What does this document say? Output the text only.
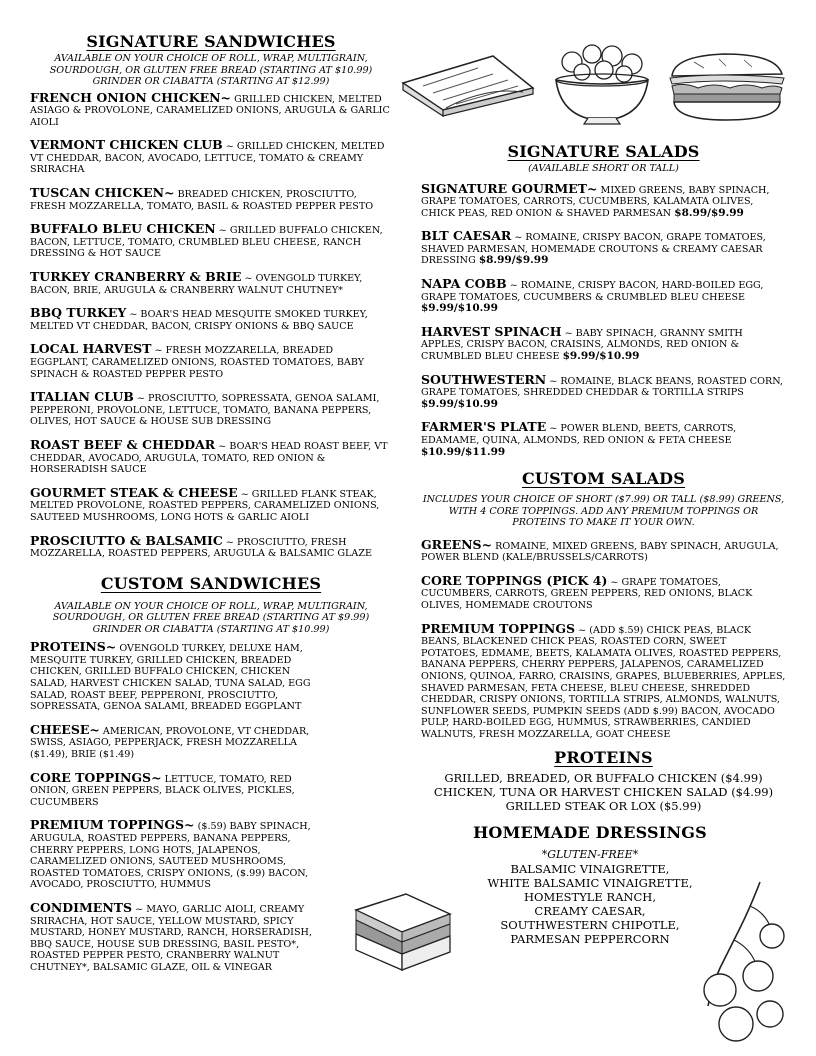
SIGNATURE SANDWICHES
AVAILABLE ON YOUR CHOICE OF ROLL, WRAP, MULTIGRAIN, SOURDOUGH, OR GLUTEN FREE BREAD (STARTING AT $10.99) GRINDER OR CIABATTA (STARTING AT $12.99)
FRENCH ONION CHICKEN~ GRILLED CHICKEN, MELTED ASIAGO & PROVOLONE, CARAMELIZED ONIONS, ARUGULA & GARLIC AIOLI
VERMONT CHICKEN CLUB ~ GRILLED CHICKEN, MELTED VT CHEDDAR, BACON, AVOCADO, LETTUCE, TOMATO & CREAMY SRIRACHA
TUSCAN CHICKEN~ BREADED CHICKEN, PROSCIUTTO, FRESH MOZZARELLA, TOMATO, BASIL & ROASTED PEPPER PESTO
BUFFALO BLEU CHICKEN ~ GRILLED BUFFALO CHICKEN, BACON, LETTUCE, TOMATO, CRUMBLED BLEU CHEESE, RANCH DRESSING & HOT SAUCE
TURKEY CRANBERRY & BRIE ~ OVENGOLD TURKEY, BACON, BRIE, ARUGULA & CRANBERRY WALNUT CHUTNEY*
BBQ TURKEY ~ BOAR'S HEAD MESQUITE SMOKED TURKEY, MELTED VT CHEDDAR, BACON, CRISPY ONIONS & BBQ SAUCE
LOCAL HARVEST ~ FRESH MOZZARELLA, BREADED EGGPLANT, CARAMELIZED ONIONS, ROASTED TOMATOES, BABY SPINACH & ROASTED PEPPER PESTO
ITALIAN CLUB ~ PROSCIUTTO, SOPRESSATA, GENOA SALAMI, PEPPERONI, PROVOLONE, LETTUCE, TOMATO, BANANA PEPPERS, OLIVES, HOT SAUCE & HOUSE SUB DRESSING
ROAST BEEF & CHEDDAR ~ BOAR'S HEAD ROAST BEEF, VT CHEDDAR, AVOCADO, ARUGULA, TOMATO, RED ONION & HORSERADISH SAUCE
GOURMET STEAK & CHEESE ~ GRILLED FLANK STEAK, MELTED PROVOLONE, ROASTED PEPPERS, CARAMELIZED ONIONS, SAUTEED MUSHROOMS, LONG HOTS & GARLIC AIOLI
PROSCIUTTO & BALSAMIC ~ PROSCIUTTO, FRESH MOZZARELLA, ROASTED PEPPERS, ARUGULA & BALSAMIC GLAZE
CUSTOM SANDWICHES
AVAILABLE ON YOUR CHOICE OF ROLL, WRAP, MULTIGRAIN, SOURDOUGH, OR GLUTEN FREE BREAD (STARTING AT $9.99) GRINDER OR CIABATTA (STARTING AT $10.99)
PROTEINS~ OVENGOLD TURKEY, DELUXE HAM, MESQUITE TURKEY, GRILLED CHICKEN, BREADED CHICKEN, GRILLED BUFFALO CHICKEN, CHICKEN SALAD, HARVEST CHICKEN SALAD, TUNA SALAD, EGG SALAD, ROAST BEEF, PEPPERONI, PROSCIUTTO, SOPRESSATA, GENOA SALAMI, BREADED EGGPLANT
CHEESE~ AMERICAN, PROVOLONE, VT CHEDDAR, SWISS, ASIAGO, PEPPERJACK, FRESH MOZZARELLA ($1.49), BRIE ($1.49)
CORE TOPPINGS~ LETTUCE, TOMATO, RED ONION, GREEN PEPPERS, BLACK OLIVES, PICKLES, CUCUMBERS
PREMIUM TOPPINGS~ ($.59) BABY SPINACH, ARUGULA, ROASTED PEPPERS, BANANA PEPPERS, CHERRY PEPPERS, LONG HOTS, JALAPENOS, CARAMELIZED ONIONS, SAUTEED MUSHROOMS, ROASTED TOMATOES, CRISPY ONIONS, ($.99) BACON, AVOCADO, PROSCIUTTO, HUMMUS
CONDIMENTS ~ MAYO, GARLIC AIOLI, CREAMY SRIRACHA, HOT SAUCE, YELLOW MUSTARD, SPICY MUSTARD, HONEY MUSTARD, RANCH, HORSERADISH, BBQ SAUCE, HOUSE SUB DRESSING, BASIL PESTO*, ROASTED PEPPER PESTO, CRANBERRY WALNUT CHUTNEY*, BALSAMIC GLAZE, OIL & VINEGAR
SIGNATURE SALADS
(AVAILABLE SHORT OR TALL)
SIGNATURE GOURMET~ MIXED GREENS, BABY SPINACH, GRAPE TOMATOES, CARROTS, CUCUMBERS, KALAMATA OLIVES, CHICK PEAS, RED ONION & SHAVED PARMESAN $8.99/$9.99
BLT CAESAR ~ ROMAINE, CRISPY BACON, GRAPE TOMATOES, SHAVED PARMESAN, HOMEMADE CROUTONS & CREAMY CAESAR DRESSING $8.99/$9.99
NAPA COBB ~ ROMAINE, CRISPY BACON, HARD-BOILED EGG, GRAPE TOMATOES, CUCUMBERS & CRUMBLED BLEU CHEESE $9.99/$10.99
HARVEST SPINACH ~ BABY SPINACH, GRANNY SMITH APPLES, CRISPY BACON, CRAISINS, ALMONDS, RED ONION & CRUMBLED BLEU CHEESE $9.99/$10.99
SOUTHWESTERN ~ ROMAINE, BLACK BEANS, ROASTED CORN, GRAPE TOMATOES, SHREDDED CHEDDAR & TORTILLA STRIPS $9.99/$10.99
FARMER'S PLATE ~ POWER BLEND, BEETS, CARROTS, EDAMAME, QUINA, ALMONDS, RED ONION & FETA CHEESE $10.99/$11.99
CUSTOM SALADS
INCLUDES YOUR CHOICE OF SHORT ($7.99) OR TALL ($8.99) GREENS, WITH 4 CORE TOPPINGS. ADD ANY PREMIUM TOPPINGS OR PROTEINS TO MAKE IT YOUR OWN.
GREENS~ ROMAINE, MIXED GREENS, BABY SPINACH, ARUGULA, POWER BLEND (KALE/BRUSSELS/CARROTS)
CORE TOPPINGS (PICK 4) ~ GRAPE TOMATOES, CUCUMBERS, CARROTS, GREEN PEPPERS, RED ONIONS, BLACK OLIVES, HOMEMADE CROUTONS
PREMIUM TOPPINGS ~ (ADD $.59) CHICK PEAS, BLACK BEANS, BLACKENED CHICK PEAS, ROASTED CORN, SWEET POTATOES, EDMAME, BEETS, KALAMATA OLIVES, ROASTED PEPPERS, BANANA PEPPERS, CHERRY PEPPERS, JALAPENOS, CARAMELIZED ONIONS, QUINOA, FARRO, CRAISINS, GRAPES, BLUEBERRIES, APPLES, SHAVED PARMESAN, FETA CHEESE, BLEU CHEESE, SHREDDED CHEDDAR, CRISPY ONIONS, TORTILLA STRIPS, ALMONDS, WALNUTS, SUNFLOWER SEEDS, PUMPKIN SEEDS (ADD $.99) BACON, AVOCADO PULP, HARD-BOILED EGG, HUMMUS, STRAWBERRIES, CANDIED WALNUTS, FRESH MOZZARELLA, GOAT CHEESE
PROTEINS

GRILLED, BREADED, OR BUFFALO CHICKEN ($4.99)

CHICKEN, TUNA OR HARVEST CHICKEN SALAD ($4.99)

GRILLED STEAK OR LOX ($5.99)

HOMEMADE DRESSINGS

*GLUTEN-FREE*

BALSAMIC VINAIGRETTE,

WHITE BALSAMIC VINAIGRETTE,

HOMESTYLE RANCH,

CREAMY CAESAR,

SOUTHWESTERN CHIPOTLE,

PARMESAN PEPPERCORN
